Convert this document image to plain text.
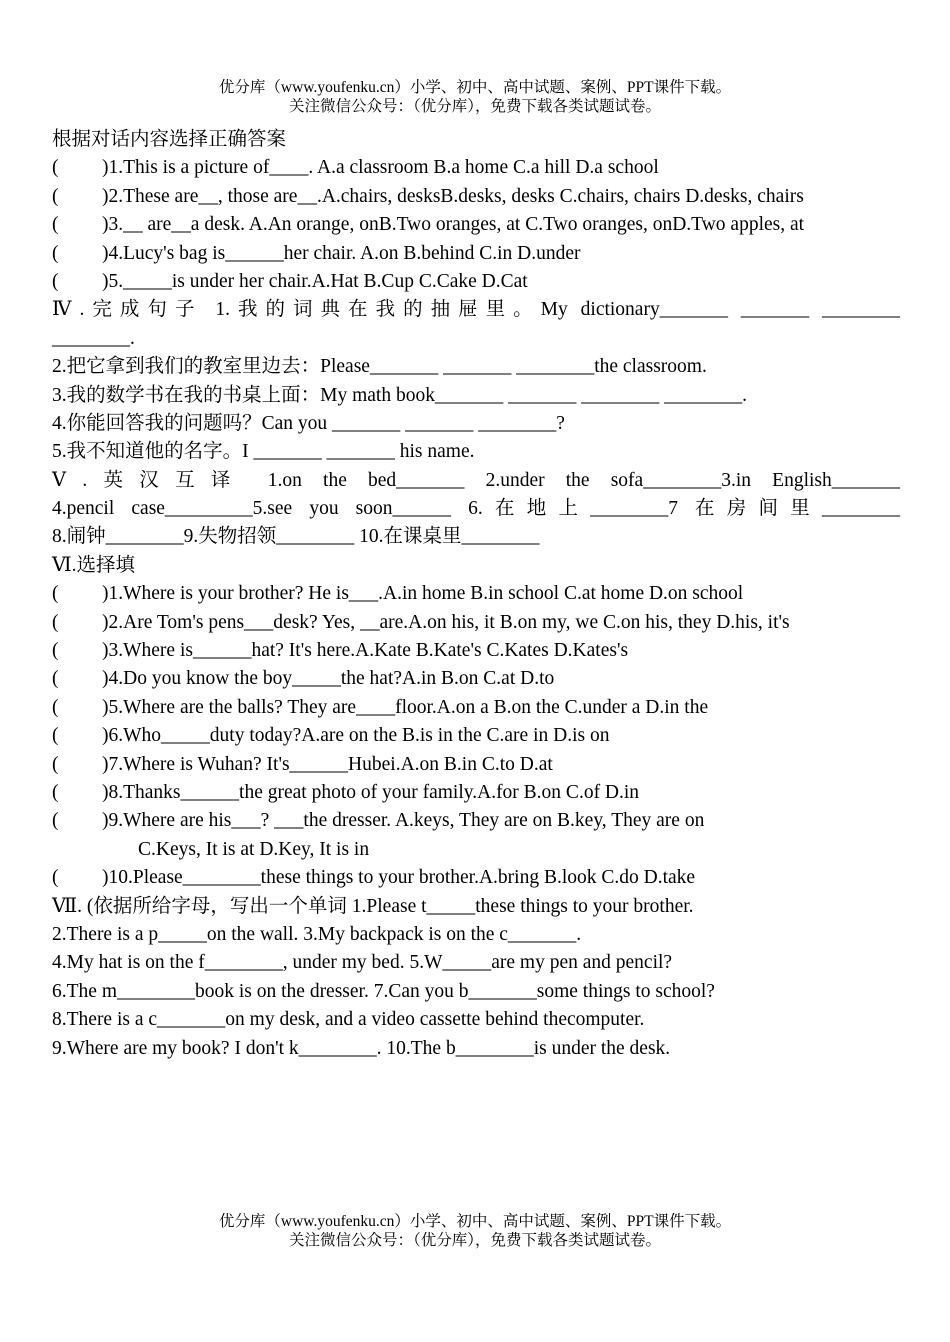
优分库（www.youfenku.cn）小学、初中、高中试题、案例、PPT课件下载。
关注微信公众号：（优分库），免费下载各类试题试卷。
根据对话内容选择正确答案
( )1.This is a picture of____. A.a classroom B.a home C.a hill D.a school
( )2.These are__, those are__.A.chairs, desksB.desks, desks C.chairs, chairs D.desks, chairs
( )3.__ are__a desk. A.An orange, onB.Two oranges, at C.Two oranges, onD.Two apples, at
( )4.Lucy's bag is______her chair. A.on B.behind C.in D.under
( )5._____is under her chair.A.Hat B.Cup C.Cake D.Cat
Ⅳ.完成句子 1.我的词典在我的抽屉里。My dictionary_______ _______ ________
________.
2.把它拿到我们的教室里边去：Please_______ _______ ________the classroom.
3.我的数学书在我的书桌上面：My math book_______ _______ ________ ________.
4.你能回答我的问题吗？Can you _______ _______ ________?
5.我不知道他的名字。I _______ _______ his name.
Ⅴ.英汉互译 1.on the bed_______ 2.under the sofa________3.in English_______
4.pencil case_________5.see you soon______ 6.在地上________7 在房间里________
8.闹钟________9.失物招领________ 10.在课桌里________
Ⅵ.选择填
( )1.Where is your brother? He is___.A.in home B.in school C.at home D.on school
( )2.Are Tom's pens___desk? Yes, __are.A.on his, it B.on my, we C.on his, they D.his, it's
( )3.Where is______hat? It's here.A.Kate B.Kate's C.Kates D.Kates's
( )4.Do you know the boy_____the hat?A.in B.on C.at D.to
( )5.Where are the balls? They are____floor.A.on a B.on the C.under a D.in the
( )6.Who_____duty today?A.are on the B.is in the C.are in D.is on
( )7.Where is Wuhan? It's______Hubei.A.on B.in C.to D.at
( )8.Thanks______the great photo of your family.A.for B.on C.of D.in
( )9.Where are his___? ___the dresser. A.keys, They are on B.key, They are on
C.Keys, It is at D.Key, It is in
( )10.Please________these things to your brother.A.bring B.look C.do D.take
Ⅶ. (依据所给字母，写出一个单词 1.Please t_____these things to your brother.
2.There is a p_____on the wall. 3.My backpack is on the c_______.
4.My hat is on the f________, under my bed. 5.W_____are my pen and pencil?
6.The m________book is on the dresser. 7.Can you b_______some things to school?
8.There is a c_______on my desk, and a video cassette behind thecomputer.
9.Where are my book? I don't k________. 10.The b________is under the desk.
优分库（www.youfenku.cn）小学、初中、高中试题、案例、PPT课件下载。
关注微信公众号：（优分库），免费下载各类试题试卷。
